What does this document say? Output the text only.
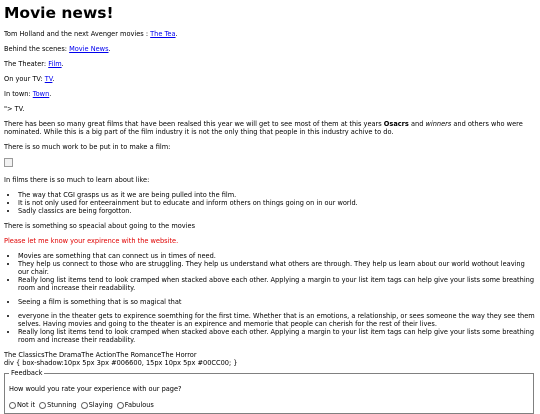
Movie news!

Tom Holland and the next Avenger movies : The Tea.

Behind the scenes: Movie News.

The Theater: Film.

On your TV: TV.

In town: Town.

"> TV.

There has been so many great films that have been realsed this year we will get to see most of them at this years Osacrs and winners and others who were nominated. While this is a big part of the film industry it is not the only thing that people in this industry achive to do.

There is so much work to be put in to make a film:

In films there is so much to learn about like:

• The way that CGI grasps us as it we are being pulled into the film.
• It is not only used for enteerainment but to educate and inform others on things going on in our world.
• Sadly classics are being forgotton.

There is something so speacial about going to the movies

Please let me know your expirence with the website.

• Movies are something that can connect us in times of need.
• They help us connect to those who are struggling. They help us understand what others are through. They help us learn about our world wothout leaving our chair.
• Really long list items tend to look cramped when stacked above each other. Applying a margin to your list item tags can help give your lists some breathing room and increase their readability.
• Seeing a film is something that is so magical that
• everyone in the theater gets to expirence soemthing for the first time. Whether that is an emotions, a relationship, or sees someone the way they see them selves. Having movies and going to the theater is an expirence and memorie that people can cherish for the rest of their lives.
• Really long list items tend to look cramped when stacked above each other. Applying a margin to your list item tags can help give your lists some breathing room and increase their readability.
The ClassicsThe DramaThe ActionThe RomanceThe Horror
div { box-shadow:10px 5px 3px #006600, 15px 10px 5px #00CC00; }
Feedback
How would you rate your experience with our page?
Not it Stunning Slaying Fabulous
